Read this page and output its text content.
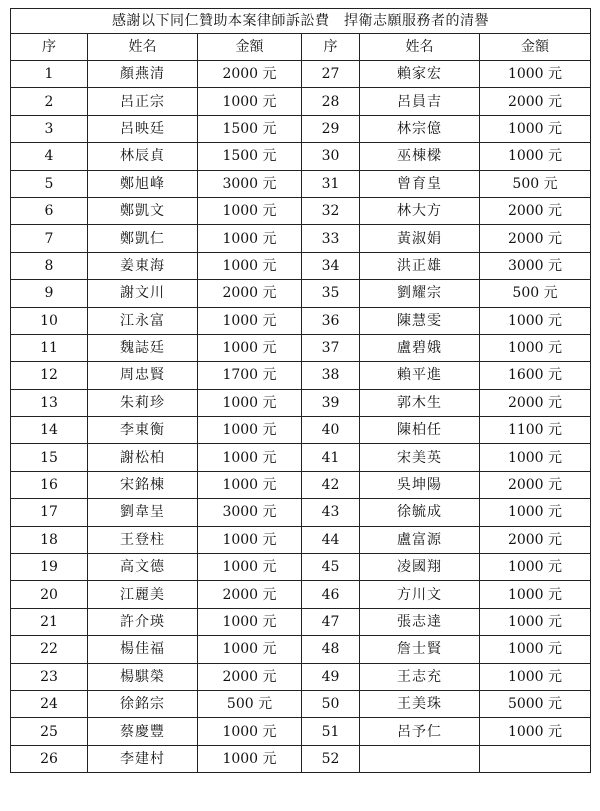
感謝以下同仁贊助本案律師訴訟費　捍衛志願服務者的清譽					
序	姓名	金額	序	姓名	金額
1	顏燕清	2000 元	27	賴家宏	1000 元
2	呂正宗	1000 元	28	呂員吉	2000 元
3	呂映廷	1500 元	29	林宗億	1000 元
4	林辰貞	1500 元	30	巫棟樑	1000 元
5	鄭旭峰	3000 元	31	曾育皇	500 元
6	鄭凱文	1000 元	32	林大方	2000 元
7	鄭凱仁	1000 元	33	黃淑娟	2000 元
8	姜東海	1000 元	34	洪正雄	3000 元
9	謝文川	2000 元	35	劉耀宗	500 元
10	江永富	1000 元	36	陳慧雯	1000 元
11	魏誌廷	1000 元	37	盧碧娥	1000 元
12	周忠賢	1700 元	38	賴平進	1600 元
13	朱莉珍	1000 元	39	郭木生	2000 元
14	李東衡	1000 元	40	陳柏任	1100 元
15	謝松柏	1000 元	41	宋美英	1000 元
16	宋銘棟	1000 元	42	吳坤陽	2000 元
17	劉韋呈	3000 元	43	徐毓成	1000 元
18	王登柱	1000 元	44	盧富源	2000 元
19	高文德	1000 元	45	凌國翔	1000 元
20	江麗美	2000 元	46	方川文	1000 元
21	許介瑛	1000 元	47	張志達	1000 元
22	楊佳福	1000 元	48	詹士賢	1000 元
23	楊騏榮	2000 元	49	王志充	1000 元
24	徐銘宗	500 元	50	王美珠	5000 元
25	蔡慶豐	1000 元	51	呂予仁	1000 元
26	李建村	1000 元	52		
